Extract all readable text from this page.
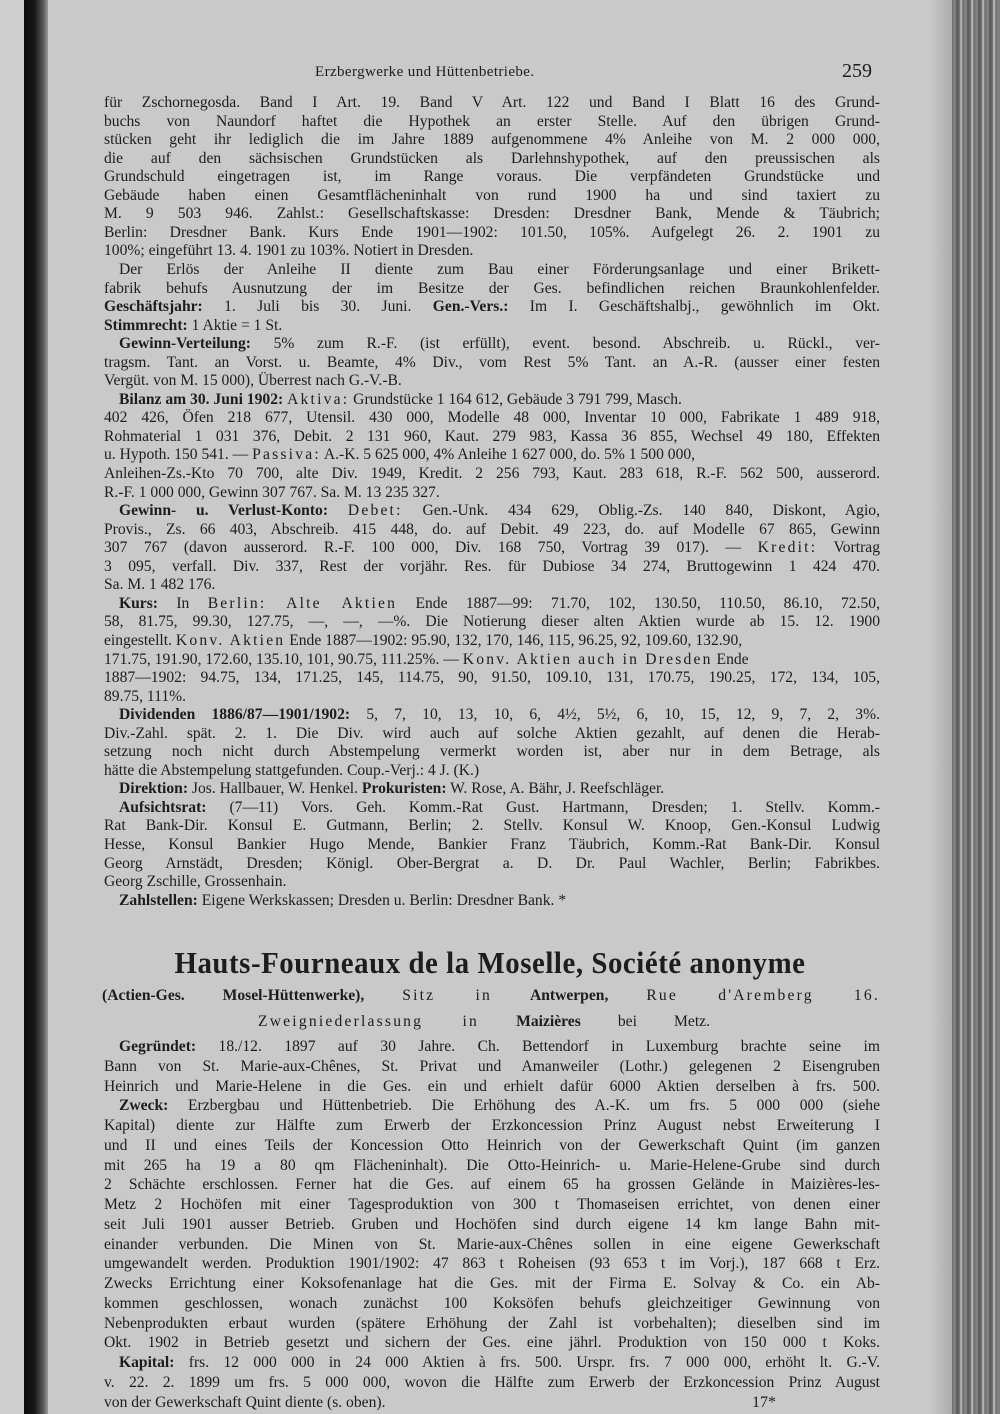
Erzbergwerke und Hüttenbetriebe.	259
für Zschornegosda. Band I Art. 19. Band V Art. 122 und Band I Blatt 16 des Grund-
buchs von Naundorf haftet die Hypothek an erster Stelle. Auf den übrigen Grund-
stücken geht ihr lediglich die im Jahre 1889 aufgenommene 4% Anleihe von M. 2 000 000,
die auf den sächsischen Grundstücken als Darlehnshypothek, auf den preussischen als
Grundschuld eingetragen ist, im Range voraus. Die verpfändeten Grundstücke und
Gebäude haben einen Gesamtflächeninhalt von rund 1900 ha und sind taxiert zu
M. 9 503 946. Zahlst.: Gesellschaftskasse: Dresden: Dresdner Bank, Mende & Täubrich;
Berlin: Dresdner Bank. Kurs Ende 1901—1902: 101.50, 105%. Aufgelegt 26. 2. 1901 zu
100%; eingeführt 13. 4. 1901 zu 103%. Notiert in Dresden.
Der Erlös der Anleihe II diente zum Bau einer Förderungsanlage und einer Brikett-
fabrik behufs Ausnutzung der im Besitze der Ges. befindlichen reichen Braunkohlenfelder.
Geschäftsjahr: 1. Juli bis 30. Juni. Gen.-Vers.: Im I. Geschäftshalbj., gewöhnlich im Okt.
Stimmrecht: 1 Aktie = 1 St.
Gewinn-Verteilung: 5% zum R.-F. (ist erfüllt), event. besond. Abschreib. u. Rückl., ver-
tragsm. Tant. an Vorst. u. Beamte, 4% Div., vom Rest 5% Tant. an A.-R. (ausser einer festen
Vergüt. von M. 15 000), Überrest nach G.-V.-B.
Bilanz am 30. Juni 1902: Aktiva: Grundstücke 1 164 612, Gebäude 3 791 799, Masch.
402 426, Öfen 218 677, Utensil. 430 000, Modelle 48 000, Inventar 10 000, Fabrikate 1 489 918,
Rohmaterial 1 031 376, Debit. 2 131 960, Kaut. 279 983, Kassa 36 855, Wechsel 49 180, Effekten
u. Hypoth. 150 541. — Passiva: A.-K. 5 625 000, 4% Anleihe 1 627 000, do. 5% 1 500 000,
Anleihen-Zs.-Kto 70 700, alte Div. 1949, Kredit. 2 256 793, Kaut. 283 618, R.-F. 562 500, ausserord.
R.-F. 1 000 000, Gewinn 307 767. Sa. M. 13 235 327.
Gewinn- u. Verlust-Konto: Debet: Gen.-Unk. 434 629, Oblig.-Zs. 140 840, Diskont, Agio,
Provis., Zs. 66 403, Abschreib. 415 448, do. auf Debit. 49 223, do. auf Modelle 67 865, Gewinn
307 767 (davon ausserord. R.-F. 100 000, Div. 168 750, Vortrag 39 017). — Kredit: Vortrag
3 095, verfall. Div. 337, Rest der vorjähr. Res. für Dubiose 34 274, Bruttogewinn 1 424 470.
Sa. M. 1 482 176.
Kurs: In Berlin: Alte Aktien Ende 1887—99: 71.70, 102, 130.50, 110.50, 86.10, 72.50,
58, 81.75, 99.30, 127.75, —, —, —%. Die Notierung dieser alten Aktien wurde ab 15. 12. 1900
eingestellt. Konv. Aktien Ende 1887—1902: 95.90, 132, 170, 146, 115, 96.25, 92, 109.60, 132.90,
171.75, 191.90, 172.60, 135.10, 101, 90.75, 111.25%. — Konv. Aktien auch in Dresden Ende
1887—1902: 94.75, 134, 171.25, 145, 114.75, 90, 91.50, 109.10, 131, 170.75, 190.25, 172, 134, 105,
89.75, 111%.
Dividenden 1886/87—1901/1902: 5, 7, 10, 13, 10, 6, 4½, 5½, 6, 10, 15, 12, 9, 7, 2, 3%.
Div.-Zahl. spät. 2. 1. Die Div. wird auch auf solche Aktien gezahlt, auf denen die Herab-
setzung noch nicht durch Abstempelung vermerkt worden ist, aber nur in dem Betrage, als
hätte die Abstempelung stattgefunden. Coup.-Verj.: 4 J. (K.)
Direktion: Jos. Hallbauer, W. Henkel. Prokuristen: W. Rose, A. Bähr, J. Reefschläger.
Aufsichtsrat: (7—11) Vors. Geh. Komm.-Rat Gust. Hartmann, Dresden; 1. Stellv. Komm.-
Rat Bank-Dir. Konsul E. Gutmann, Berlin; 2. Stellv. Konsul W. Knoop, Gen.-Konsul Ludwig
Hesse, Konsul Bankier Hugo Mende, Bankier Franz Täubrich, Komm.-Rat Bank-Dir. Konsul
Georg Arnstädt, Dresden; Königl. Ober-Bergrat a. D. Dr. Paul Wachler, Berlin; Fabrikbes.
Georg Zschille, Grossenhain.
Zahlstellen: Eigene Werkskassen; Dresden u. Berlin: Dresdner Bank. *
Hauts-Fourneaux de la Moselle, Société anonyme
(Actien-Ges. Mosel-Hüttenwerke), Sitz in Antwerpen, Rue d'Aremberg 16.
Zweigniederlassung in Maizières bei Metz.
Gegründet: 18./12. 1897 auf 30 Jahre. Ch. Bettendorf in Luxemburg brachte seine im
Bann von St. Marie-aux-Chênes, St. Privat und Amanweiler (Lothr.) gelegenen 2 Eisengruben
Heinrich und Marie-Helene in die Ges. ein und erhielt dafür 6000 Aktien derselben à frs. 500.
Zweck: Erzbergbau und Hüttenbetrieb. Die Erhöhung des A.-K. um frs. 5 000 000 (siehe
Kapital) diente zur Hälfte zum Erwerb der Erzkoncession Prinz August nebst Erweiterung I
und II und eines Teils der Koncession Otto Heinrich von der Gewerkschaft Quint (im ganzen
mit 265 ha 19 a 80 qm Flächeninhalt). Die Otto-Heinrich- u. Marie-Helene-Grube sind durch
2 Schächte erschlossen. Ferner hat die Ges. auf einem 65 ha grossen Gelände in Maizières-les-
Metz 2 Hochöfen mit einer Tagesproduktion von 300 t Thomaseisen errichtet, von denen einer
seit Juli 1901 ausser Betrieb. Gruben und Hochöfen sind durch eigene 14 km lange Bahn mit-
einander verbunden. Die Minen von St. Marie-aux-Chênes sollen in eine eigene Gewerkschaft
umgewandelt werden. Produktion 1901/1902: 47 863 t Roheisen (93 653 t im Vorj.), 187 668 t Erz.
Zwecks Errichtung einer Koksofenanlage hat die Ges. mit der Firma E. Solvay & Co. ein Ab-
kommen geschlossen, wonach zunächst 100 Koksöfen behufs gleichzeitiger Gewinnung von
Nebenprodukten erbaut wurden (spätere Erhöhung der Zahl ist vorbehalten); dieselben sind im
Okt. 1902 in Betrieb gesetzt und sichern der Ges. eine jährl. Produktion von 150 000 t Koks.
Kapital: frs. 12 000 000 in 24 000 Aktien à frs. 500. Urspr. frs. 7 000 000, erhöht lt. G.-V.
v. 22. 2. 1899 um frs. 5 000 000, wovon die Hälfte zum Erwerb der Erzkoncession Prinz August
von der Gewerkschaft Quint diente (s. oben).	17*
